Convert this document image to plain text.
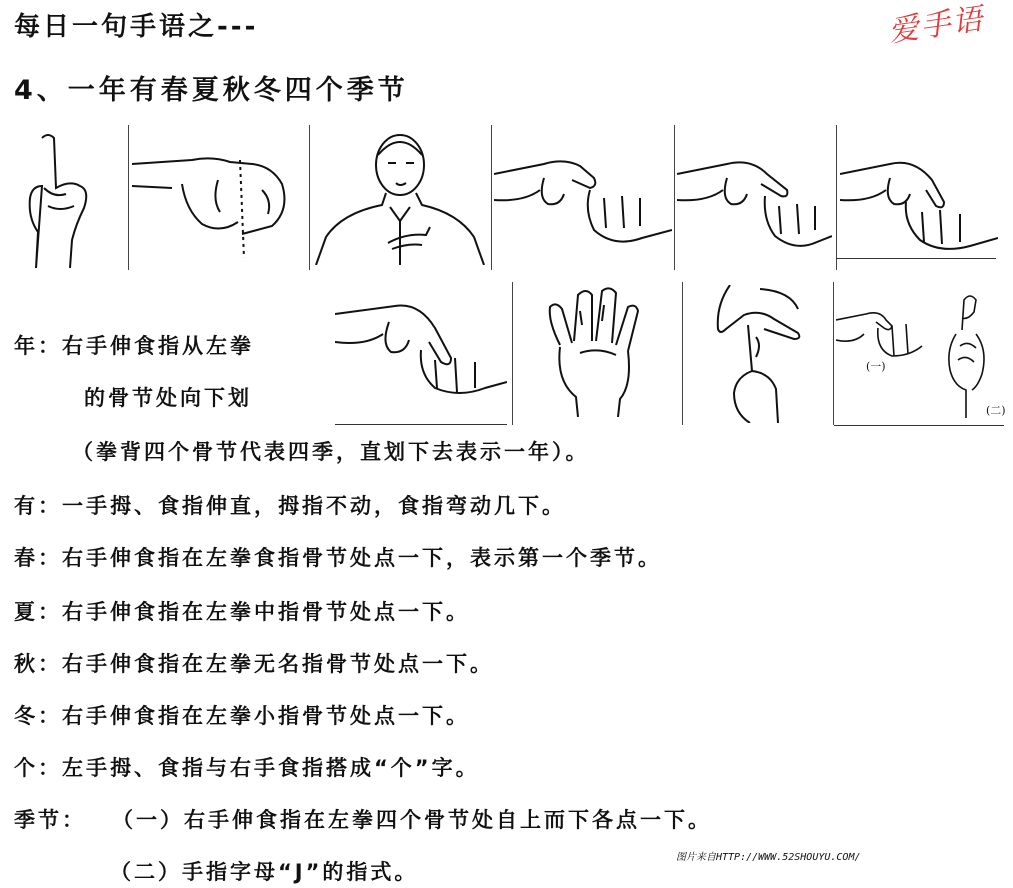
每日一句手语之---	爱手语
4、一年有春夏秋冬四个季节
(一)
(二)
年：右手伸食指从左拳
的骨节处向下划
（拳背四个骨节代表四季，直划下去表示一年）。
有：一手拇、食指伸直，拇指不动，食指弯动几下。
春：右手伸食指在左拳食指骨节处点一下，表示第一个季节。
夏：右手伸食指在左拳中指骨节处点一下。
秋：右手伸食指在左拳无名指骨节处点一下。
冬：右手伸食指在左拳小指骨节处点一下。
个：左手拇、食指与右手食指搭成“个”字。
季节： （一）右手伸食指在左拳四个骨节处自上而下各点一下。
（二）手指字母“J”的指式。
图片来自HTTP://WWW.52SHOUYU.COM/
